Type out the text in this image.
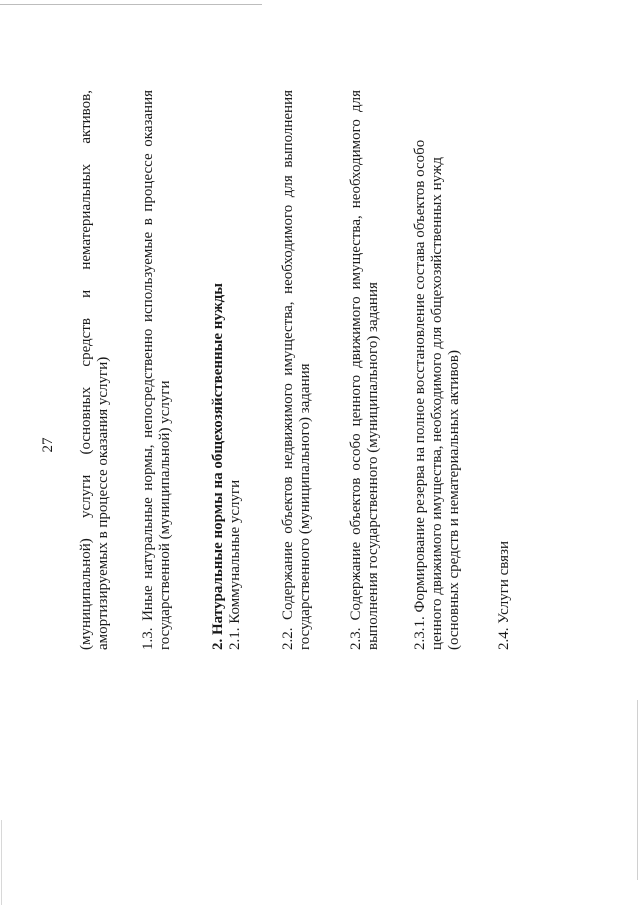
27 (муниципальной) услуги (основных средств и нематериальных активов, амортизируемых в процессе оказания услуги) 1.3. Иные натуральные нормы, непосредственно используемые в процессе оказания государственной (муниципальной) услуги 2. Натуральные нормы на общехозяйственные нужды 2.1. Коммунальные услуги 2.2. Содержание объектов недвижимого имущества, необходимого для выполнения государственного (муниципального) задания 2.3. Содержание объектов особо ценного движимого имущества, необходимого для выполнения государственного (муниципального) задания 2.3.1. Формирование резерва на полное восстановление состава объектов особо ценного движимого имущества, необходимого для общехозяйственных нужд (основных средств и нематериальных активов) 2.4. Услуги связи
